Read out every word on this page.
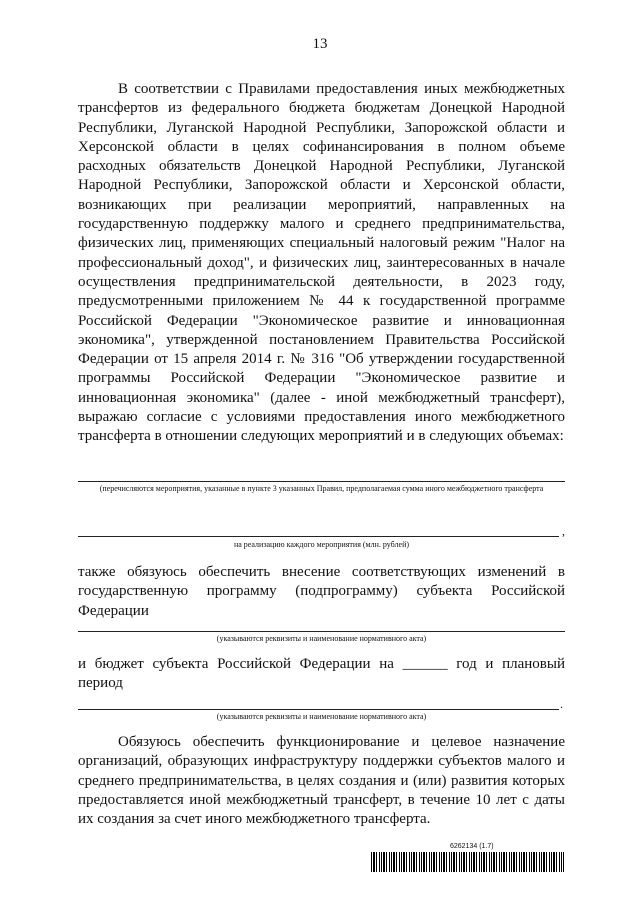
13

В соответствии с Правилами предоставления иных межбюджетных трансфертов из федерального бюджета бюджетам Донецкой Народной Республики, Луганской Народной Республики, Запорожской области и Херсонской области в целях софинансирования в полном объеме расходных обязательств Донецкой Народной Республики, Луганской Народной Республики, Запорожской области и Херсонской области, возникающих при реализации мероприятий, направленных на государственную поддержку малого и среднего предпринимательства, физических лиц, применяющих специальный налоговый режим "Налог на профессиональный доход", и физических лиц, заинтересованных в начале осуществления предпринимательской деятельности, в 2023 году, предусмотренными приложением № 44 к государственной программе Российской Федерации "Экономическое развитие и инновационная экономика", утвержденной постановлением Правительства Российской Федерации от 15 апреля 2014 г. № 316 "Об утверждении государственной программы Российской Федерации "Экономическое развитие и инновационная экономика" (далее - иной межбюджетный трансферт), выражаю согласие с условиями предоставления иного межбюджетного трансферта в отношении следующих мероприятий и в следующих объемах:

(перечисляются мероприятия, указанные в пункте 3 указанных Правил, предполагаемая сумма иного межбюджетного трансферта

,

на реализацию каждого мероприятия (млн. рублей)

также обязуюсь обеспечить внесение соответствующих изменений в государственную программу (подпрограмму) субъекта Российской Федерации

(указываются реквизиты и наименование нормативного акта)

и бюджет субъекта Российской Федерации на ______ год и плановый период

.

(указываются реквизиты и наименование нормативного акта)

Обязуюсь обеспечить функционирование и целевое назначение организаций, образующих инфраструктуру поддержки субъектов малого и среднего предпринимательства, в целях создания и (или) развития которых предоставляется иной межбюджетный трансферт, в течение 10 лет с даты их создания за счет иного межбюджетного трансферта.

6262134 (1.7)
